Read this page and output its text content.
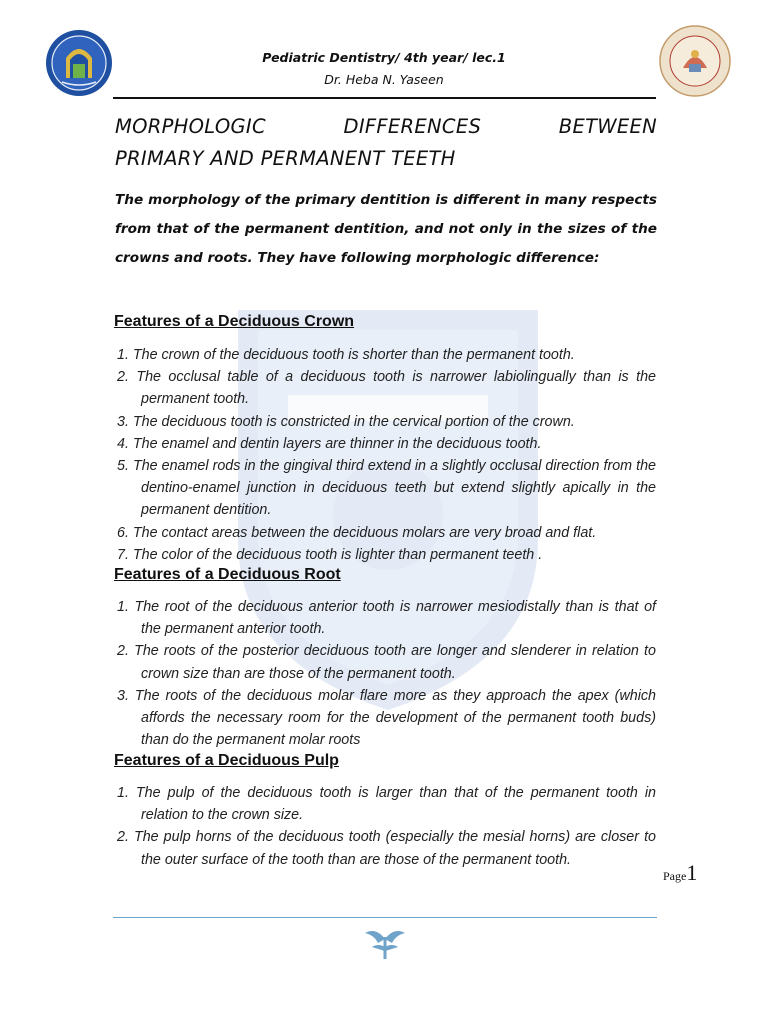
Pediatric Dentistry/ 4th year/ lec.1
Dr. Heba N. Yaseen
MORPHOLOGIC	DIFFERENCES	BETWEEN
PRIMARY AND PERMANENT TEETH
The morphology of the primary dentition is different in many respects from that of the permanent dentition, and not only in the sizes of the crowns and roots. They have following morphologic difference:
Features of a Deciduous Crown
1. The crown of the deciduous tooth is shorter than the permanent tooth.
2. The occlusal table of a deciduous tooth is narrower labiolingually than is the permanent tooth.
3. The deciduous tooth is constricted in the cervical portion of the crown.
4. The enamel and dentin layers are thinner in the deciduous tooth.
5. The enamel rods in the gingival third extend in a slightly occlusal direction from the dentino-enamel junction in deciduous teeth but extend slightly apically in the permanent dentition.
6. The contact areas between the deciduous molars are very broad and flat.
7. The color of the deciduous tooth is lighter than permanent teeth .
Features of a Deciduous Root
1. The root of the deciduous anterior tooth is narrower mesiodistally than is that of the permanent anterior tooth.
2. The roots of the posterior deciduous tooth are longer and slenderer in relation to crown size than are those of the permanent tooth.
3. The roots of the deciduous molar flare more as they approach the apex (which affords the necessary room for the development of the permanent tooth buds) than do the permanent molar roots
Features of a Deciduous Pulp
1. The pulp of the deciduous tooth is larger than that of the permanent tooth in relation to the crown size.
2. The pulp horns of the deciduous tooth (especially the mesial horns) are closer to the outer surface of the tooth than are those of the permanent tooth.
Page1
